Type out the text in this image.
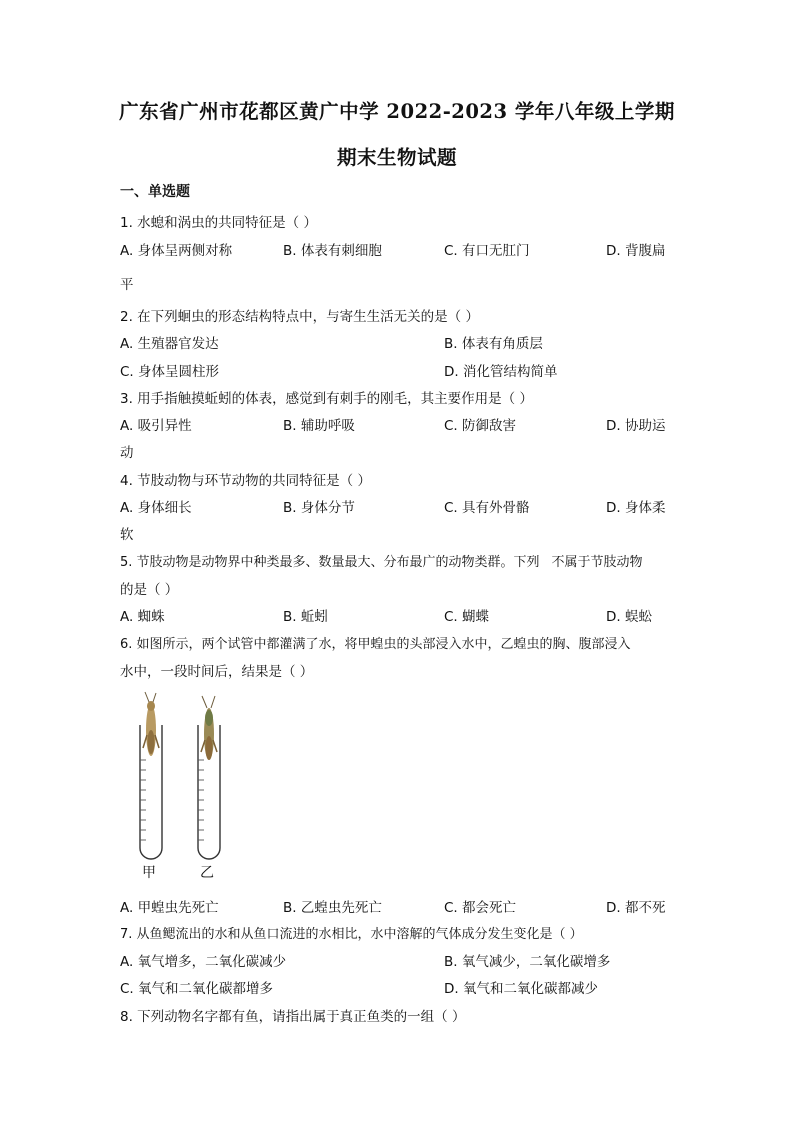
广东省广州市花都区黄广中学 2022-2023 学年八年级上学期
期末生物试题
一、单选题
1. 水螅和涡虫的共同特征是（ ）
A. 身体呈两侧对称	B. 体表有刺细胞	C. 有口无肛门	D. 背腹扁
平
2. 在下列蛔虫的形态结构特点中，与寄生生活无关的是（ ）
A. 生殖器官发达	B. 体表有角质层
C. 身体呈圆柱形	D. 消化管结构简单
3. 用手指触摸蚯蚓的体表，感觉到有刺手的刚毛，其主要作用是（ ）
A. 吸引异性	B. 辅助呼吸	C. 防御敌害	D. 协助运
动
4. 节肢动物与环节动物的共同特征是（ ）
A. 身体细长	B. 身体分节	C. 具有外骨骼	D. 身体柔
软
5. 节肢动物是动物界中种类最多、数量最大、分布最广的动物类群。下列 不属于节肢动物
的是（ ）
A. 蜘蛛	B. 蚯蚓	C. 蝴蝶	D. 蜈蚣
6. 如图所示，两个试管中都灌满了水，将甲蝗虫的头部浸入水中，乙蝗虫的胸、腹部浸入
水中，一段时间后，结果是（ ）
甲	乙
A. 甲蝗虫先死亡	B. 乙蝗虫先死亡	C. 都会死亡	D. 都不死
7. 从鱼鳃流出的水和从鱼口流进的水相比，水中溶解的气体成分发生变化是（ ）
A. 氧气增多，二氧化碳减少	B. 氧气减少，二氧化碳增多
C. 氧气和二氧化碳都增多	D. 氧气和二氧化碳都减少
8. 下列动物名字都有鱼，请指出属于真正鱼类的一组（ ）
